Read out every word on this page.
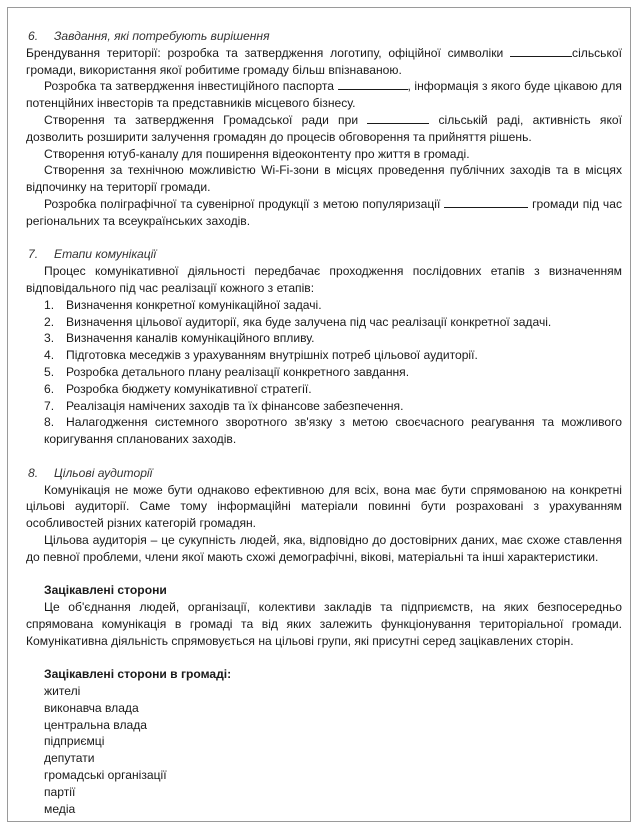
6. Завдання, які потребують вирішення

Брендування території: розробка та затвердження логотипу, офіційної символіки	сільської громади, використання якої робитиме громаду більш впізнаваною.

Розробка та затвердження інвестиційного паспорта	, інформація з якого буде цікавою для потенційних інвесторів та представників місцевого бізнесу.

Створення та затвердження Громадської ради при	сільській раді, активність якої дозволить розширити залучення громадян до процесів обговорення та прийняття рішень.

Створення ютуб-каналу для поширення відеоконтенту про життя в громаді.

Створення за технічною можливістю Wi-Fi-зони в місцях проведення публічних заходів та в місцях відпочинку на території громади.

Розробка поліграфічної та сувенірної продукції з метою популяризації	громади під час регіональних та всеукраїнських заходів.

7. Етапи комунікації

Процес комунікативної діяльності передбачає проходження послідовних етапів з визначенням відповідального під час реалізації кожного з етапів:

1. Визначення конкретної комунікаційної задачі.
2. Визначення цільової аудиторії, яка буде залучена під час реалізації конкретної задачі.
3. Визначення каналів комунікаційного впливу.
4. Підготовка меседжів з урахуванням внутрішніх потреб цільової аудиторії.
5. Розробка детального плану реалізації конкретного завдання.
6. Розробка бюджету комунікативної стратегії.
7. Реалізація намічених заходів та їх фінансове забезпечення.
8. Налагодження системного зворотного зв'язку з метою своєчасного реагування та можливого коригування спланованих заходів.

8. Цільові аудиторії

Комунікація не може бути однаково ефективною для всіх, вона має бути спрямованою на конкретні цільові аудиторії. Саме тому інформаційні матеріали повинні бути розраховані з урахуванням особливостей різних категорій громадян.

Цільова аудиторія – це сукупність людей, яка, відповідно до достовірних даних, має схоже ставлення до певної проблеми, члени якої мають схожі демографічні, вікові, матеріальні та інші характеристики.

Зацікавлені сторони

Це об'єднання людей, організації, колективи закладів та підприємств, на яких безпосередньо спрямована комунікація в громаді та від яких залежить функціонування територіальної громади. Комунікативна діяльність спрямовується на цільові групи, які присутні серед зацікавлених сторін.

Зацікавлені сторони в громаді:

жителі
виконавча влада
центральна влада
підприємці
депутати
громадські організації
партії
медіа
